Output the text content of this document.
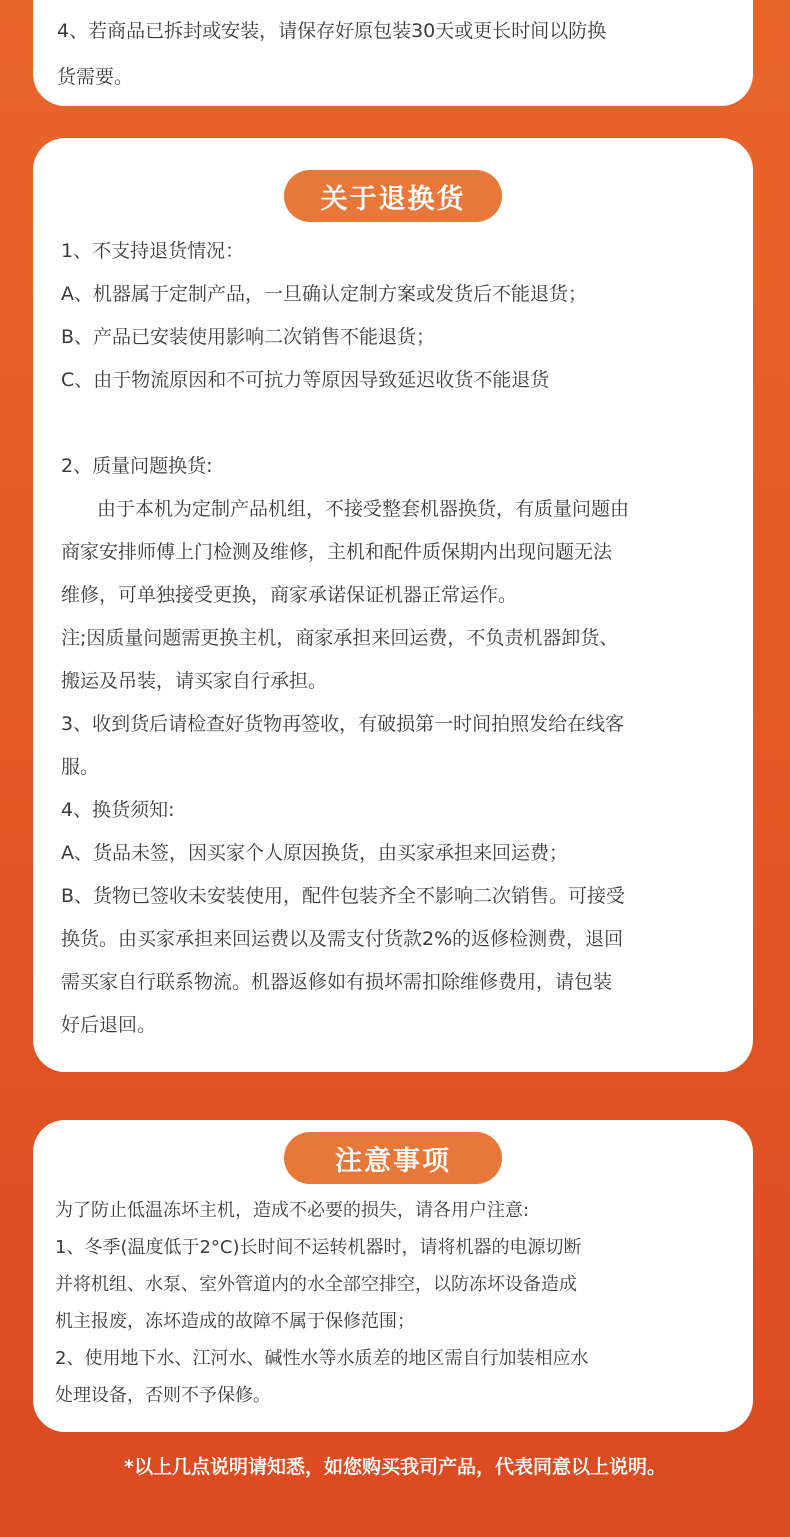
4、若商品已拆封或安装，请保存好原包装30天或更长时间以防换

货需要。

关于退换货

1、不支持退货情况：

A、机器属于定制产品，一旦确认定制方案或发货后不能退货；

B、产品已安装使用影响二次销售不能退货；

C、由于物流原因和不可抗力等原因导致延迟收货不能退货

2、质量问题换货:

由于本机为定制产品机组，不接受整套机器换货，有质量问题由

商家安排师傅上门检测及维修，主机和配件质保期内出现问题无法

维修，可单独接受更换，商家承诺保证机器正常运作。

注;因质量问题需更换主机，商家承担来回运费，不负责机器卸货、

搬运及吊装，请买家自行承担。

3、收到货后请检查好货物再签收，有破损第一时间拍照发给在线客

服。

4、换货须知:

A、货品未签，因买家个人原因换货，由买家承担来回运费；

B、货物已签收未安装使用，配件包装齐全不影响二次销售。可接受

换货。由买家承担来回运费以及需支付货款2%的返修检测费，退回

需买家自行联系物流。机器返修如有损坏需扣除维修费用，请包装

好后退回。

注意事项

为了防止低温冻坏主机，造成不必要的损失，请各用户注意:

1、冬季(温度低于2°C)长时间不运转机器时，请将机器的电源切断

并将机组、水泵、室外管道内的水全部空排空，以防冻坏设备造成

机主报废，冻坏造成的故障不属于保修范围；

2、使用地下水、江河水、碱性水等水质差的地区需自行加装相应水

处理设备，否则不予保修。

*以上几点说明请知悉，如您购买我司产品，代表同意以上说明。
